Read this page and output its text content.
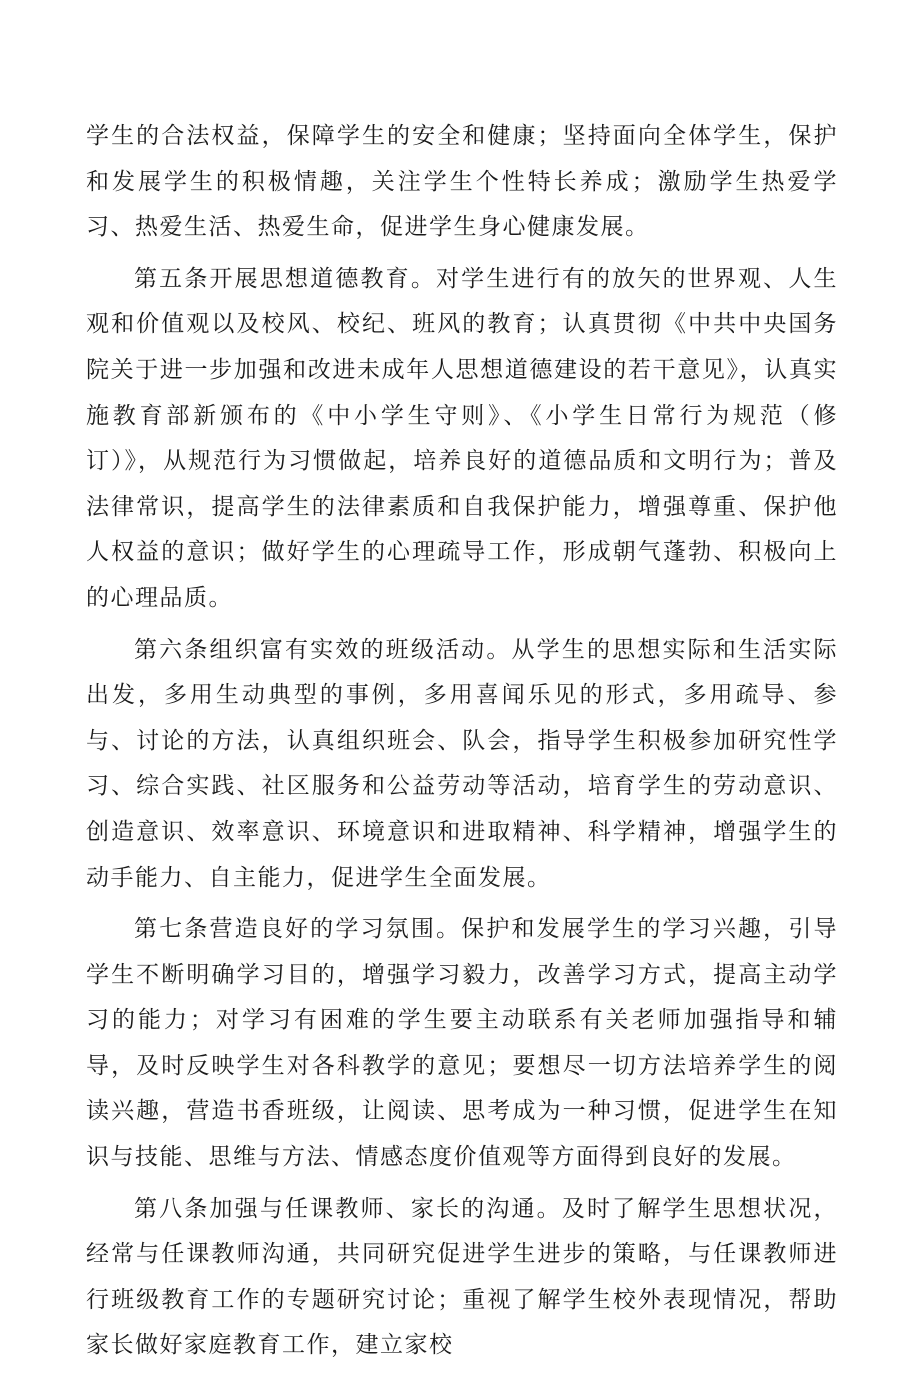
学生的合法权益，保障学生的安全和健康；坚持面向全体学生，保护和发展学生的积极情趣，关注学生个性特长养成；激励学生热爱学习、热爱生活、热爱生命，促进学生身心健康发展。

第五条开展思想道德教育。对学生进行有的放矢的世界观、人生观和价值观以及校风、校纪、班风的教育；认真贯彻《中共中央国务院关于进一步加强和改进未成年人思想道德建设的若干意见》，认真实施教育部新颁布的《中小学生守则》、《小学生日常行为规范（修订）》，从规范行为习惯做起，培养良好的道德品质和文明行为；普及法律常识，提高学生的法律素质和自我保护能力，增强尊重、保护他人权益的意识；做好学生的心理疏导工作，形成朝气蓬勃、积极向上的心理品质。

第六条组织富有实效的班级活动。从学生的思想实际和生活实际出发，多用生动典型的事例，多用喜闻乐见的形式，多用疏导、参与、讨论的方法，认真组织班会、队会，指导学生积极参加研究性学习、综合实践、社区服务和公益劳动等活动，培育学生的劳动意识、创造意识、效率意识、环境意识和进取精神、科学精神，增强学生的动手能力、自主能力，促进学生全面发展。

第七条营造良好的学习氛围。保护和发展学生的学习兴趣，引导学生不断明确学习目的，增强学习毅力，改善学习方式，提高主动学习的能力；对学习有困难的学生要主动联系有关老师加强指导和辅导，及时反映学生对各科教学的意见；要想尽一切方法培养学生的阅读兴趣，营造书香班级，让阅读、思考成为一种习惯，促进学生在知识与技能、思维与方法、情感态度价值观等方面得到良好的发展。

第八条加强与任课教师、家长的沟通。及时了解学生思想状况，经常与任课教师沟通，共同研究促进学生进步的策略，与任课教师进行班级教育工作的专题研究讨论；重视了解学生校外表现情况，帮助家长做好家庭教育工作，建立家校
